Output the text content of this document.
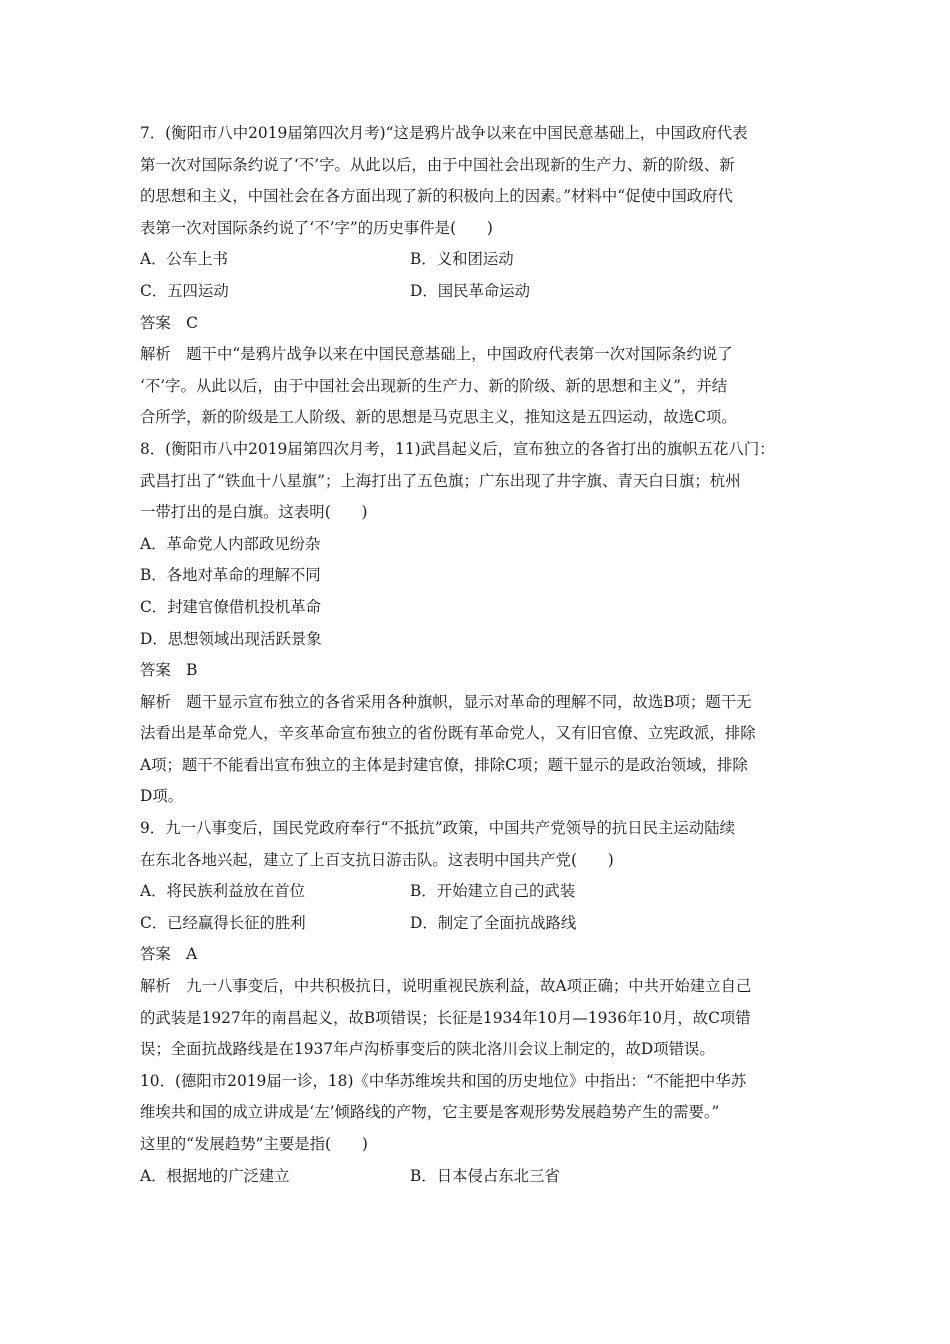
7．(衡阳市八中2019届第四次月考)“这是鸦片战争以来在中国民意基础上，中国政府代表
第一次对国际条约说了‘不’字。从此以后，由于中国社会出现新的生产力、新的阶级、新
的思想和主义，中国社会在各方面出现了新的积极向上的因素。”材料中“促使中国政府代
表第一次对国际条约说了‘不’字”的历史事件是(　　)
A．公车上书	B．义和团运动
C．五四运动	D．国民革命运动
答案　C
解析　题干中“是鸦片战争以来在中国民意基础上，中国政府代表第一次对国际条约说了
‘不’字。从此以后，由于中国社会出现新的生产力、新的阶级、新的思想和主义”，并结
合所学，新的阶级是工人阶级、新的思想是马克思主义，推知这是五四运动，故选C项。
8．(衡阳市八中2019届第四次月考，11)武昌起义后，宣布独立的各省打出的旗帜五花八门：
武昌打出了“铁血十八星旗”；上海打出了五色旗；广东出现了井字旗、青天白日旗；杭州
一带打出的是白旗。这表明(　　)
A．革命党人内部政见纷杂
B．各地对革命的理解不同
C．封建官僚借机投机革命
D．思想领域出现活跃景象
答案　B
解析　题干显示宣布独立的各省采用各种旗帜，显示对革命的理解不同，故选B项；题干无
法看出是革命党人，辛亥革命宣布独立的省份既有革命党人，又有旧官僚、立宪政派，排除
A项；题干不能看出宣布独立的主体是封建官僚，排除C项；题干显示的是政治领域，排除
D项。
9．九一八事变后，国民党政府奉行“不抵抗”政策，中国共产党领导的抗日民主运动陆续
在东北各地兴起，建立了上百支抗日游击队。这表明中国共产党(　　)
A．将民族利益放在首位	B．开始建立自己的武装
C．已经赢得长征的胜利	D．制定了全面抗战路线
答案　A
解析　九一八事变后，中共积极抗日，说明重视民族利益，故A项正确；中共开始建立自己
的武装是1927年的南昌起义，故B项错误；长征是1934年10月—1936年10月，故C项错
误；全面抗战路线是在1937年卢沟桥事变后的陕北洛川会议上制定的，故D项错误。
10．(德阳市2019届一诊，18)《中华苏维埃共和国的历史地位》中指出：“不能把中华苏
维埃共和国的成立讲成是‘左’倾路线的产物，它主要是客观形势发展趋势产生的需要。”
这里的“发展趋势”主要是指(　　)
A．根据地的广泛建立	B．日本侵占东北三省
